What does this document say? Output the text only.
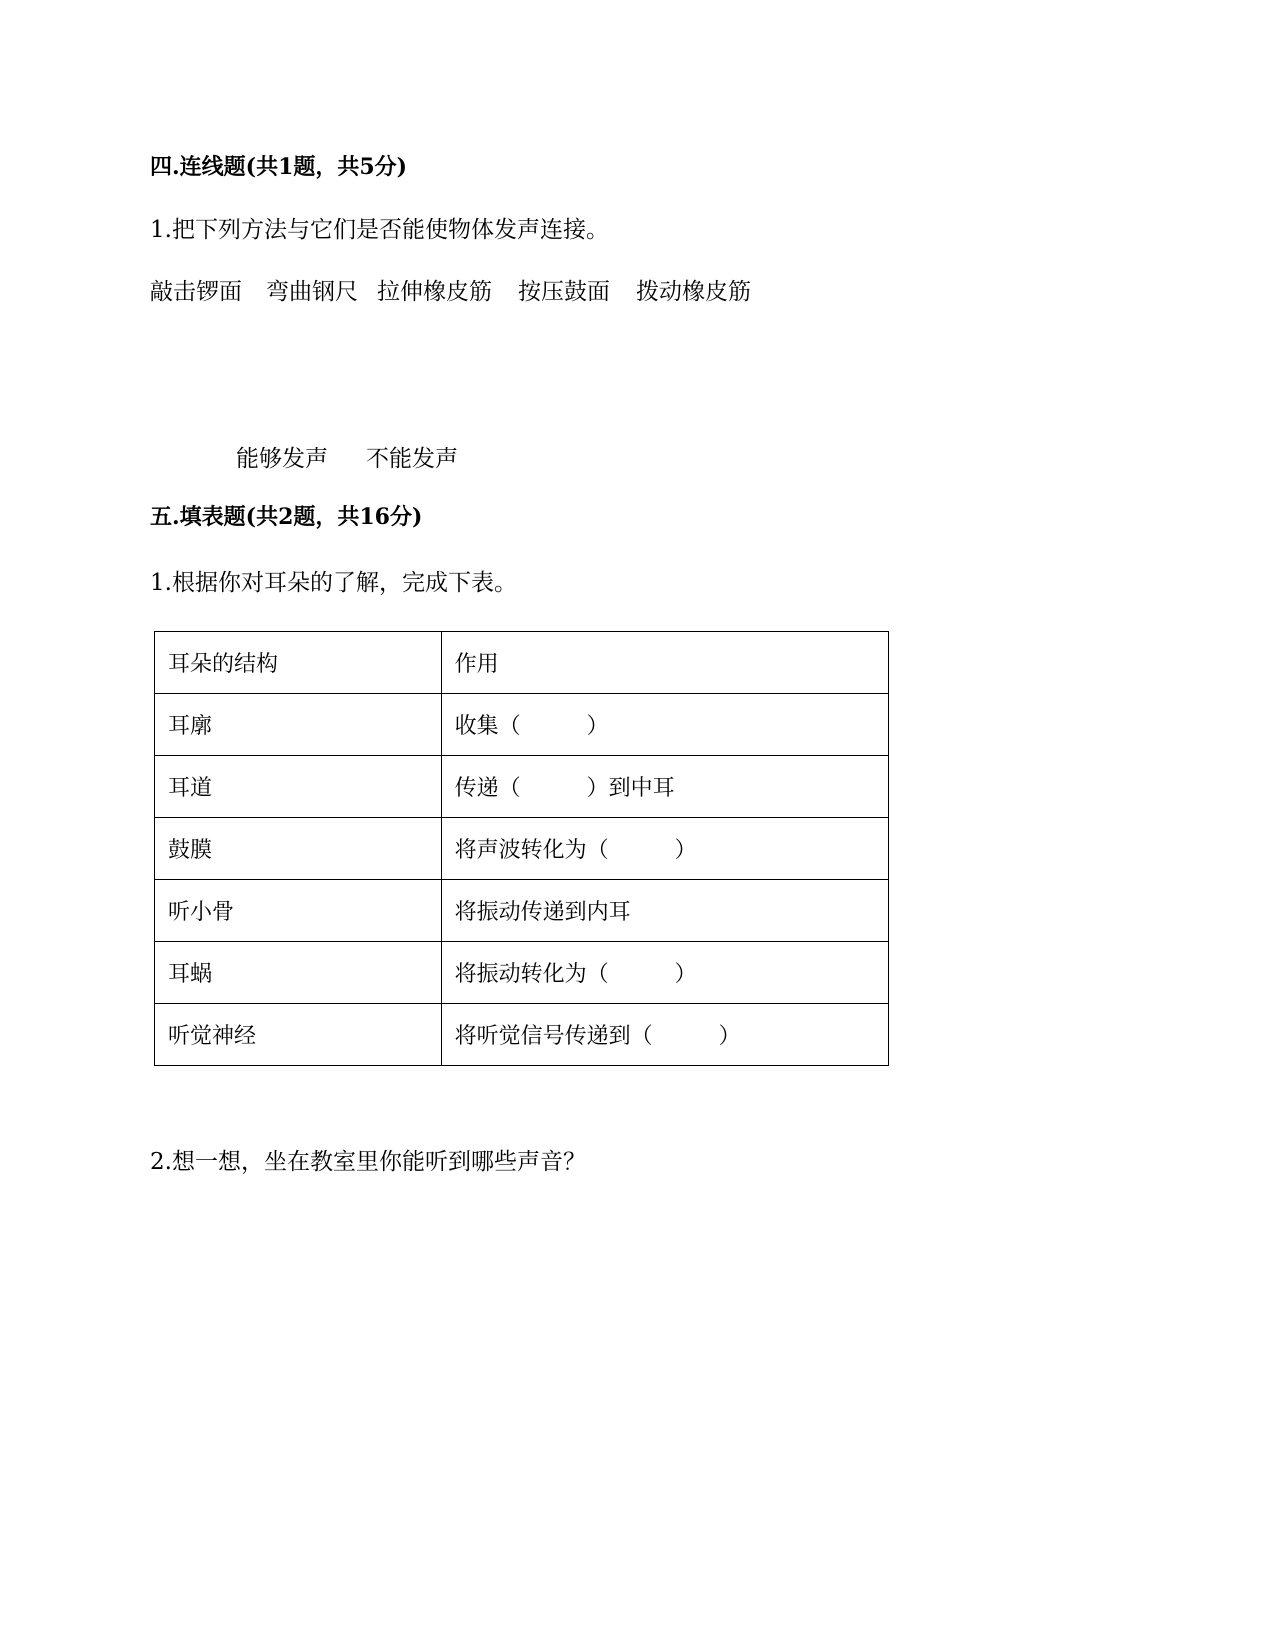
四.连线题(共1题，共5分)
1.把下列方法与它们是否能使物体发声连接。
敲击锣面 弯曲钢尺 拉伸橡皮筋 按压鼓面 拨动橡皮筋
能够发声 不能发声
五.填表题(共2题，共16分)
1.根据你对耳朵的了解，完成下表。
耳朵的结构	作用
耳廓	收集（　　　）
耳道	传递（　　　）到中耳
鼓膜	将声波转化为（　　　）
听小骨	将振动传递到内耳
耳蜗	将振动转化为（　　　）
听觉神经	将听觉信号传递到（　　　）
2.想一想，坐在教室里你能听到哪些声音？
